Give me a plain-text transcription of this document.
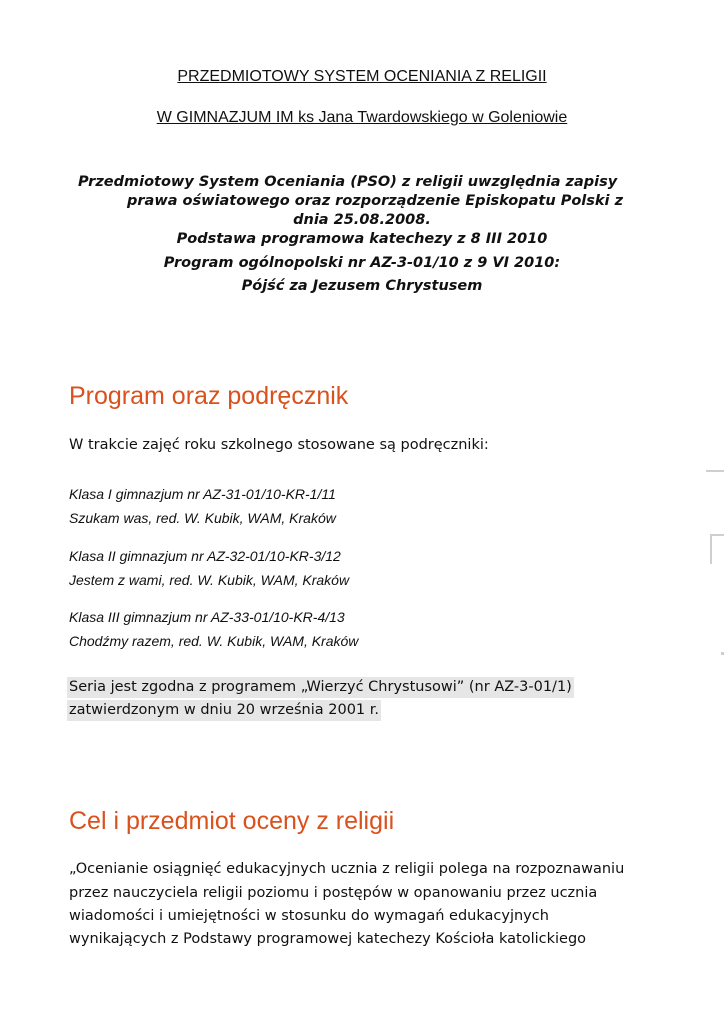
PRZEDMIOTOWY SYSTEM OCENIANIA Z RELIGII
W GIMNAZJUM IM ks Jana Twardowskiego w Goleniowie
Przedmiotowy System Oceniania (PSO) z religii uwzględnia zapisy
prawa oświatowego oraz rozporządzenie Episkopatu Polski z
dnia 25.08.2008.
Podstawa programowa katechezy z 8 III 2010
Program ogólnopolski nr AZ-3-01/10 z 9 VI 2010:
Pójść za Jezusem Chrystusem
Program oraz podręcznik
W trakcie zajęć roku szkolnego stosowane są podręczniki:
Klasa I gimnazjum nr AZ-31-01/10-KR-1/11
Szukam was, red. W. Kubik, WAM, Kraków
Klasa II gimnazjum nr AZ-32-01/10-KR-3/12
Jestem z wami, red. W. Kubik, WAM, Kraków
Klasa III gimnazjum nr AZ-33-01/10-KR-4/13
Chodźmy razem, red. W. Kubik, WAM, Kraków
Seria jest zgodna z programem „Wierzyć Chrystusowi” (nr AZ-3-01/1)
zatwierdzonym w dniu 20 września 2001 r.
Cel i przedmiot oceny z religii
„Ocenianie osiągnięć edukacyjnych ucznia z religii polega na rozpoznawaniu
przez nauczyciela religii poziomu i postępów w opanowaniu przez ucznia
wiadomości i umiejętności w stosunku do wymagań edukacyjnych
wynikających z Podstawy programowej katechezy Kościoła katolickiego
